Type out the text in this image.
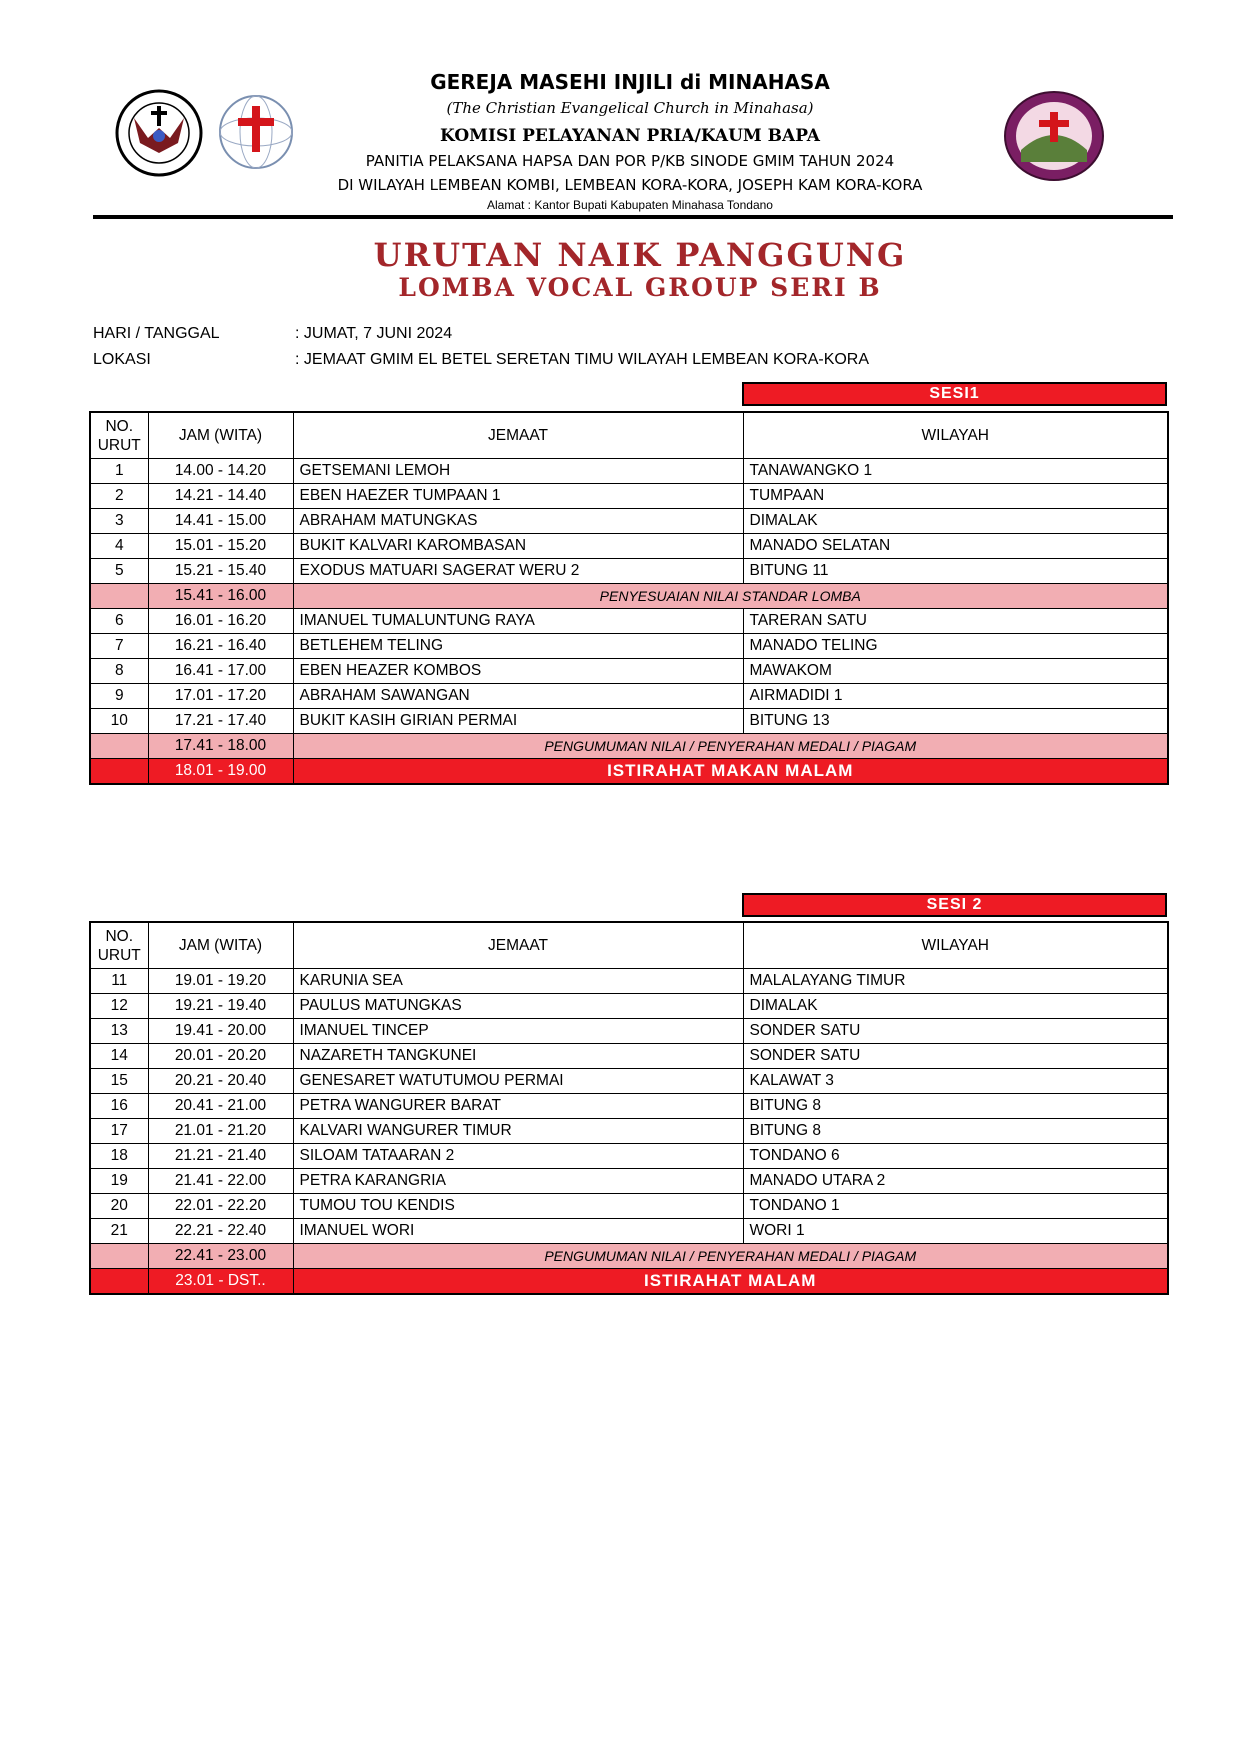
GEREJA MASEHI INJILI di MINAHASA
(The Christian Evangelical Church in Minahasa)
KOMISI PELAYANAN PRIA/KAUM BAPA
PANITIA PELAKSANA HAPSA DAN POR P/KB SINODE GMIM TAHUN 2024
DI WILAYAH LEMBEAN KOMBI, LEMBEAN KORA-KORA, JOSEPH KAM KORA-KORA
Alamat : Kantor Bupati Kabupaten Minahasa Tondano
URUTAN NAIK PANGGUNG
LOMBA VOCAL GROUP SERI B
HARI / TANGGAL	: JUMAT, 7 JUNI 2024
LOKASI	: JEMAAT GMIM EL BETEL SERETAN TIMU WILAYAH LEMBEAN KORA-KORA
SESI1
NO. URUT	JAM (WITA)	JEMAAT	WILAYAH
1	14.00 - 14.20	GETSEMANI LEMOH	TANAWANGKO 1
2	14.21 - 14.40	EBEN HAEZER TUMPAAN 1	TUMPAAN
3	14.41 - 15.00	ABRAHAM MATUNGKAS	DIMALAK
4	15.01 - 15.20	BUKIT KALVARI KAROMBASAN	MANADO SELATAN
5	15.21 - 15.40	EXODUS MATUARI SAGERAT WERU 2	BITUNG 11
	15.41 - 16.00	PENYESUAIAN NILAI STANDAR LOMBA	
6	16.01 - 16.20	IMANUEL TUMALUNTUNG RAYA	TARERAN SATU
7	16.21 - 16.40	BETLEHEM TELING	MANADO TELING
8	16.41 - 17.00	EBEN HEAZER KOMBOS	MAWAKOM
9	17.01 - 17.20	ABRAHAM SAWANGAN	AIRMADIDI 1
10	17.21 - 17.40	BUKIT KASIH GIRIAN PERMAI	BITUNG 13
	17.41 - 18.00	PENGUMUMAN NILAI / PENYERAHAN MEDALI / PIAGAM	
	18.01 - 19.00	ISTIRAHAT MAKAN MALAM	
SESI 2
NO. URUT	JAM (WITA)	JEMAAT	WILAYAH
11	19.01 - 19.20	KARUNIA SEA	MALALAYANG TIMUR
12	19.21 - 19.40	PAULUS MATUNGKAS	DIMALAK
13	19.41 - 20.00	IMANUEL TINCEP	SONDER SATU
14	20.01 - 20.20	NAZARETH TANGKUNEI	SONDER SATU
15	20.21 - 20.40	GENESARET WATUTUMOU PERMAI	KALAWAT 3
16	20.41 - 21.00	PETRA WANGURER BARAT	BITUNG 8
17	21.01 - 21.20	KALVARI WANGURER TIMUR	BITUNG 8
18	21.21 - 21.40	SILOAM TATAARAN 2	TONDANO 6
19	21.41 - 22.00	PETRA KARANGRIA	MANADO UTARA 2
20	22.01 - 22.20	TUMOU TOU KENDIS	TONDANO 1
21	22.21 - 22.40	IMANUEL WORI	WORI 1
	22.41 - 23.00	PENGUMUMAN NILAI / PENYERAHAN MEDALI / PIAGAM	
	23.01 - DST..	ISTIRAHAT MALAM	
